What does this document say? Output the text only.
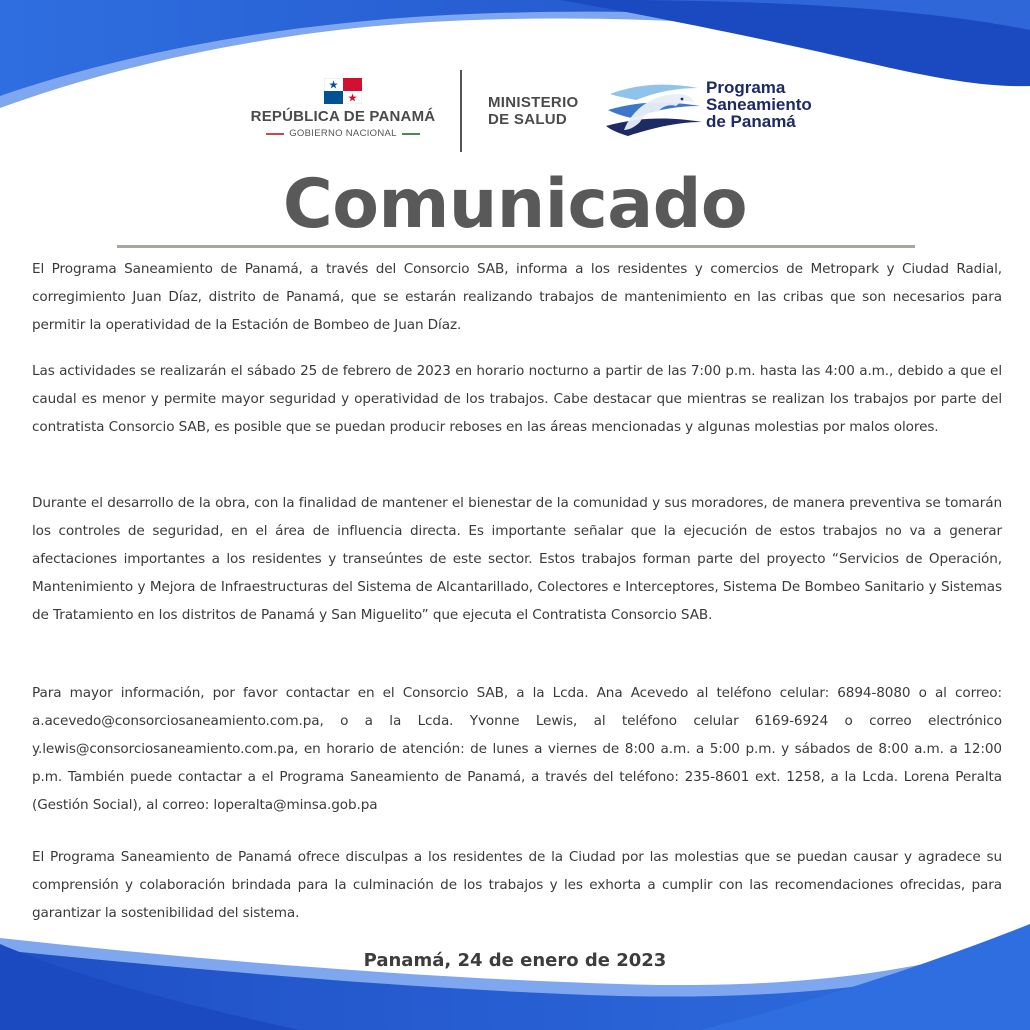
REPÚBLICA DE PANAMÁ
GOBIERNO NACIONAL
MINISTERIO
DE SALUD
Programa
Saneamiento
de Panamá
Comunicado

El Programa Saneamiento de Panamá, a través del Consorcio SAB, informa a los residentes y comercios de Metropark y Ciudad Radial, corregimiento Juan Díaz, distrito de Panamá, que se estarán realizando trabajos de mantenimiento en las cribas que son necesarios para permitir la operatividad de la Estación de Bombeo de Juan Díaz.

Las actividades se realizarán el sábado 25 de febrero de 2023 en horario nocturno a partir de las 7:00 p.m. hasta las 4:00 a.m., debido a que el caudal es menor y permite mayor seguridad y operatividad de los trabajos. Cabe destacar que mientras se realizan los trabajos por parte del contratista Consorcio SAB, es posible que se puedan producir reboses en las áreas mencionadas y algunas molestias por malos olores.

Durante el desarrollo de la obra, con la finalidad de mantener el bienestar de la comunidad y sus moradores, de manera preventiva se tomarán los controles de seguridad, en el área de influencia directa. Es importante señalar que la ejecución de estos trabajos no va a generar afectaciones importantes a los residentes y transeúntes de este sector. Estos trabajos forman parte del proyecto “Servicios de Operación, Mantenimiento y Mejora de Infraestructuras del Sistema de Alcantarillado, Colectores e Interceptores, Sistema De Bombeo Sanitario y Sistemas de Tratamiento en los distritos de Panamá y San Miguelito” que ejecuta el Contratista Consorcio SAB.

Para mayor información, por favor contactar en el Consorcio SAB, a la Lcda. Ana Acevedo al teléfono celular: 6894-8080 o al correo: a.acevedo@consorciosaneamiento.com.pa, o a la Lcda. Yvonne Lewis, al teléfono celular 6169-6924 o correo electrónico y.lewis@consorciosaneamiento.com.pa, en horario de atención: de lunes a viernes de 8:00 a.m. a 5:00 p.m. y sábados de 8:00 a.m. a 12:00 p.m. También puede contactar a el Programa Saneamiento de Panamá, a través del teléfono: 235-8601 ext. 1258, a la Lcda. Lorena Peralta (Gestión Social), al correo: loperalta@minsa.gob.pa

El Programa Saneamiento de Panamá ofrece disculpas a los residentes de la Ciudad por las molestias que se puedan causar y agradece su comprensión y colaboración brindada para la culminación de los trabajos y les exhorta a cumplir con las recomendaciones ofrecidas, para garantizar la sostenibilidad del sistema.

Panamá, 24 de enero de 2023
